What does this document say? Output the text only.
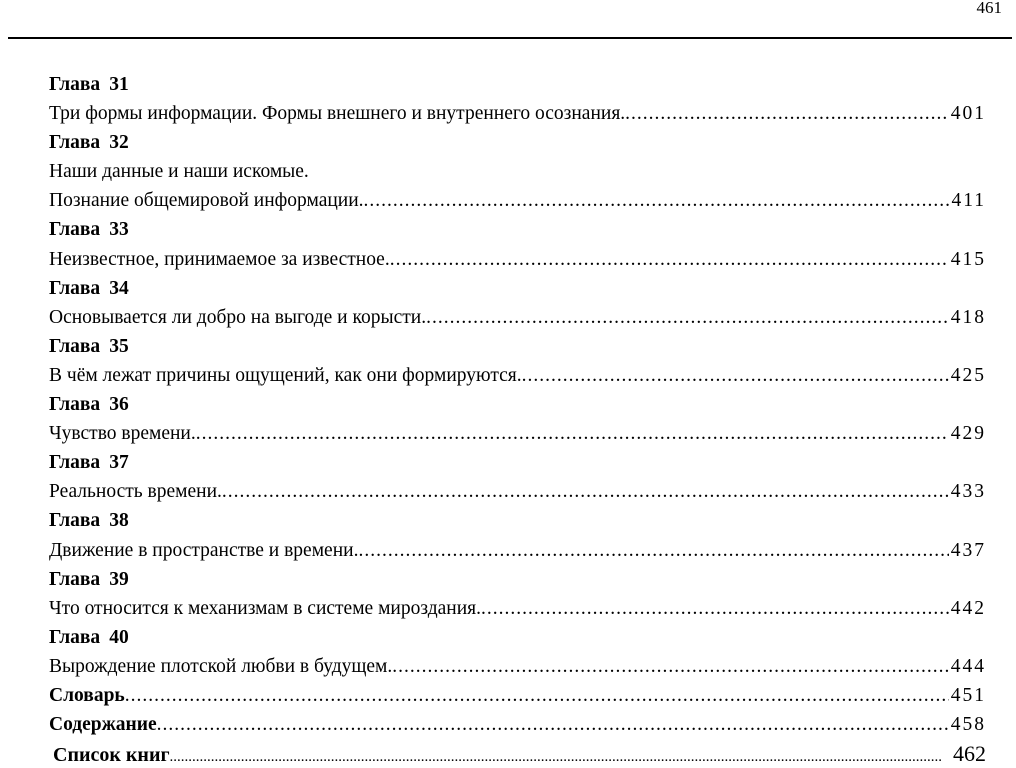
461
Глава 31
Три формы информации. Формы внешнего и внутреннего осознания. .....	401
Глава 32
Наши данные и наши искомые.
Познание общемировой информации. .....	411
Глава 33
Неизвестное, принимаемое за известное. .....	415
Глава 34
Основывается ли добро на выгоде и корысти. .....	418
Глава 35
В чём лежат причины ощущений, как они формируются. .....	425
Глава 36
Чувство времени. .....	429
Глава 37
Реальность времени. .....	433
Глава 38
Движение в пространстве и времени. .....	437
Глава 39
Что относится к механизмам в системе мироздания. .....	442
Глава 40
Вырождение плотской любви в будущем. .....	444
Словарь .....	451
Содержание .....	458
Список книг .....	462
